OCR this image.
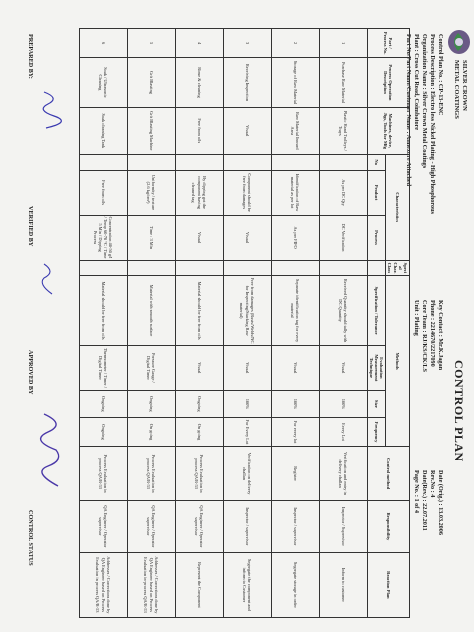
SILVER CROWN METAL COATINGS
CONTROL PLAN
Control Plan No. : CP-13-ENC
Process Description : Electro less Nickel Plating - High Phosphorous
Organization Name : Silver Crown Metal Coatings
Plant : Cross Cut Road, Coimbatore
Part No/Part Name/Customer Name : Annexure Attached
Key Contact : Mr.K.Jagan
Phone : 2214670/2217090
Core Team : RJ/KS/CK/LS
Unit : Plating
Date (Orig.) : 13.03.2006
Rev.No : 4
Date(Rev.) : 22.07.2011
Page No. : 1 of 4
Part / Process No.	Process Operation Description	Machines, device, Jigs, Tools for Mfg	Characteristics			Special Char. Class	Methods				Control method	Responsibility	Reaction Plan
			No	Product	Process		Specification / Tolerance	Evaluation Measurement Technique	Size	Frequency			
1	Purchase Raw Material	Plastic Hand Trolleys / Trays		As per DC Qty	DC Verification		Received Quantity should tally with DC Quantity	Visual	100%	Every Lot	Verification and entry in delivery challan	Inspector / Supervisor	Inform to customer
2	Storage of Raw Material	Raw Material Inward Area		Identification of Raw material as per lot	As per FIFO		Separate identification tag for every material	Visual	100%	For every lot	Register	Inspector / supervisor	Segregate storage in order
3	Receiving Inspection	Visual		Component should be free from damages	Visual		Free from damages (Rusts/Welds/NC for Inspecting/Stacking Raw material)	Visual	100%	For Every Lot	Verification on delivery challan	Inspector / supervisor	Segregate the component and inform to Customer
4	Rinse & cleaning	Free from oils		By dipping got the component having cleaned tag	Visual		Material should be free from oils	Visual	Ongoing	On going	Process Evaluation in process QA/R-53	QA Engineer / Operator supervisor	Represent the Component
5	Grit Blasting	Grit Blasting Machine		Uniformity / texture (2.6 kg/cm²)	Time : 3 Min		Material with smooth surface	Pressure Gauge / Digital Timer	Ongoing	On going	Process Evaluation in process QA/R-53	QA Engineer / Operator supervisor	Addresses / Corrections done by QA Engineer based on Process Evaluation in-process QA/R-53
6	Soak / Ultrasonic Cleaning	Soak cleaning Tank		Free from oils	Concentration 40-50 g/l / Temp 60-70 °C / Time 5 Min / Dipping Process		Material should be free from oils	Thermometer / Timer / Digital Timer	Ongoing	Ongoing	Process Evaluation in process QA/R-53	QA Engineer / Operator supervisor	Addresses / Corrections done by QA Engineer based on Process Evaluation in process QA/R-53
PREPARED BY:
VERIFIED BY
APPROVED BY
CONTROL STATUS
